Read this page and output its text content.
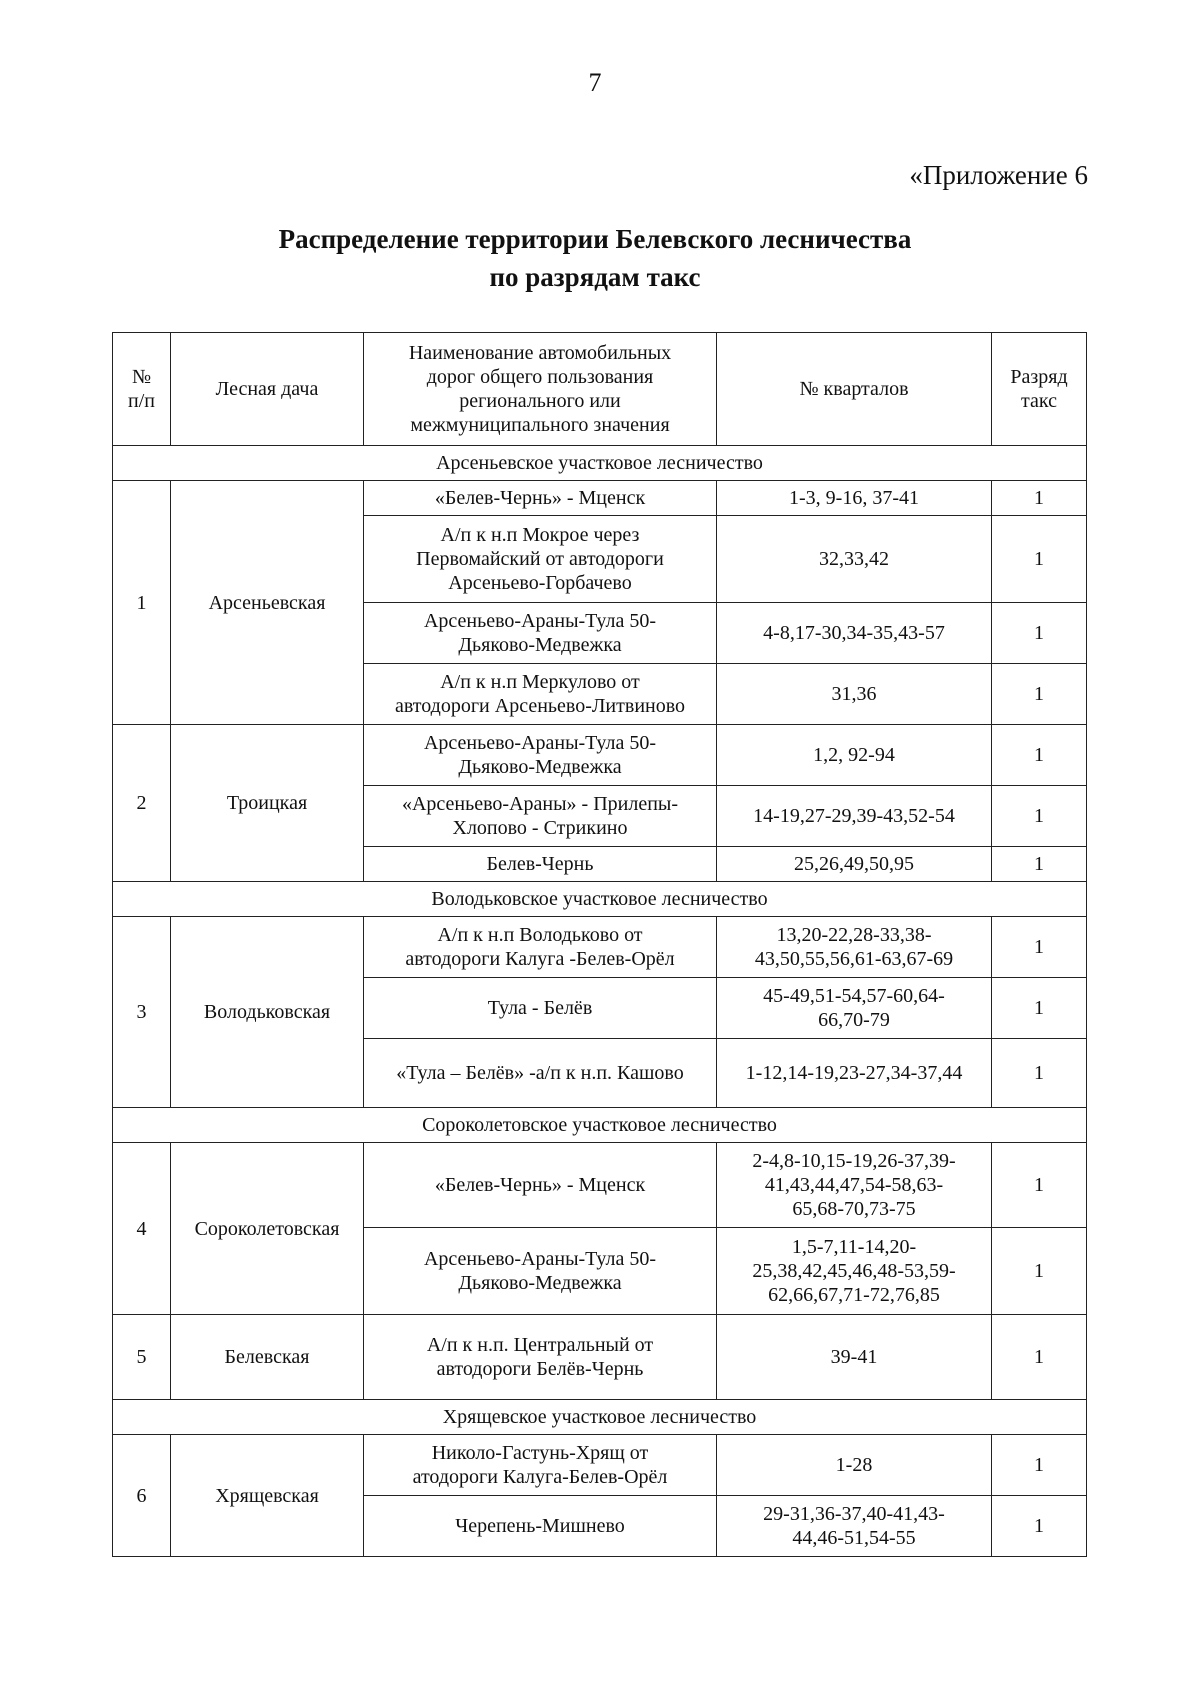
7
«Приложение 6
Распределение территории Белевского лесничества
по разрядам такс
№
п/п	Лесная дача	Наименование автомобильных
дорог общего пользования
регионального или
межмуниципального значения	№ кварталов	Разряд
такс
Арсеньевское участковое лесничество				
1	Арсеньевская	«Белев-Чернь» - Мценск	1-3, 9-16, 37-41	1
		А/п к н.п Мокрое через
Первомайский от автодороги
Арсеньево-Горбачево	32,33,42	1
		Арсеньево-Араны-Тула 50-
Дьяково-Медвежка	4-8,17-30,34-35,43-57	1
		А/п к н.п Меркулово от
автодороги Арсеньево-Литвиново	31,36	1
2	Троицкая	Арсеньево-Араны-Тула 50-
Дьяково-Медвежка	1,2, 92-94	1
		«Арсеньево-Араны» - Прилепы-
Хлопово - Стрикино	14-19,27-29,39-43,52-54	1
		Белев-Чернь	25,26,49,50,95	1
Володьковское участковое лесничество				
3	Володьковская	А/п к н.п Володьково от
автодороги Калуга -Белев-Орёл	13,20-22,28-33,38-
43,50,55,56,61-63,67-69	1
		Тула - Белёв	45-49,51-54,57-60,64-
66,70-79	1
		«Тула – Белёв» -а/п к н.п. Кашово	1-12,14-19,23-27,34-37,44	1
Сороколетовское участковое лесничество				
4	Сороколетовская	«Белев-Чернь» - Мценск	2-4,8-10,15-19,26-37,39-
41,43,44,47,54-58,63-
65,68-70,73-75	1
		Арсеньево-Араны-Тула 50-
Дьяково-Медвежка	1,5-7,11-14,20-
25,38,42,45,46,48-53,59-
62,66,67,71-72,76,85	1
5	Белевская	А/п к н.п. Центральный от
автодороги Белёв-Чернь	39-41	1
Хрящевское участковое лесничество				
6	Хрящевская	Николо-Гастунь-Хрящ от
атодороги Калуга-Белев-Орёл	1-28	1
		Черепень-Мишнево	29-31,36-37,40-41,43-
44,46-51,54-55	1
